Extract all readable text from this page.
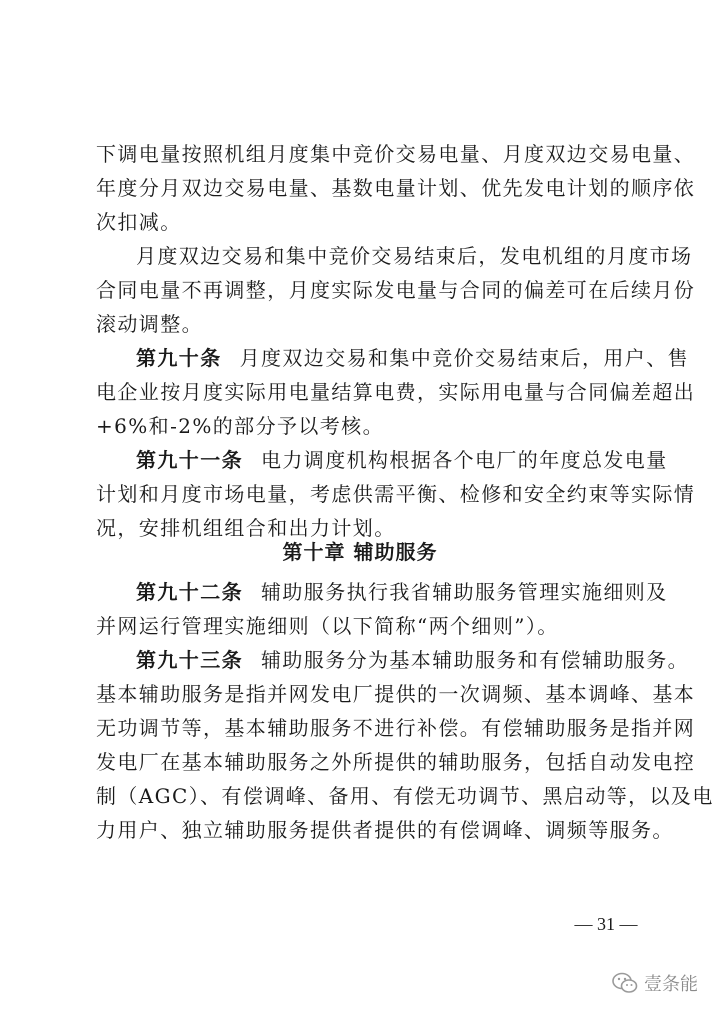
下调电量按照机组月度集中竞价交易电量、月度双边交易电量、
年度分月双边交易电量、基数电量计划、优先发电计划的顺序依
次扣减。
月度双边交易和集中竞价交易结束后，发电机组的月度市场
合同电量不再调整，月度实际发电量与合同的偏差可在后续月份
滚动调整。
第九十条 月度双边交易和集中竞价交易结束后，用户、售
电企业按月度实际用电量结算电费，实际用电量与合同偏差超出
+6%和-2%的部分予以考核。
第九十一条 电力调度机构根据各个电厂的年度总发电量
计划和月度市场电量，考虑供需平衡、检修和安全约束等实际情
况，安排机组组合和出力计划。
第十章 辅助服务
第九十二条 辅助服务执行我省辅助服务管理实施细则及
并网运行管理实施细则（以下简称“两个细则”）。
第九十三条 辅助服务分为基本辅助服务和有偿辅助服务。
基本辅助服务是指并网发电厂提供的一次调频、基本调峰、基本
无功调节等，基本辅助服务不进行补偿。有偿辅助服务是指并网
发电厂在基本辅助服务之外所提供的辅助服务，包括自动发电控
制（AGC）、有偿调峰、备用、有偿无功调节、黑启动等，以及电
力用户、独立辅助服务提供者提供的有偿调峰、调频等服务。
— 31 —
壹条能
